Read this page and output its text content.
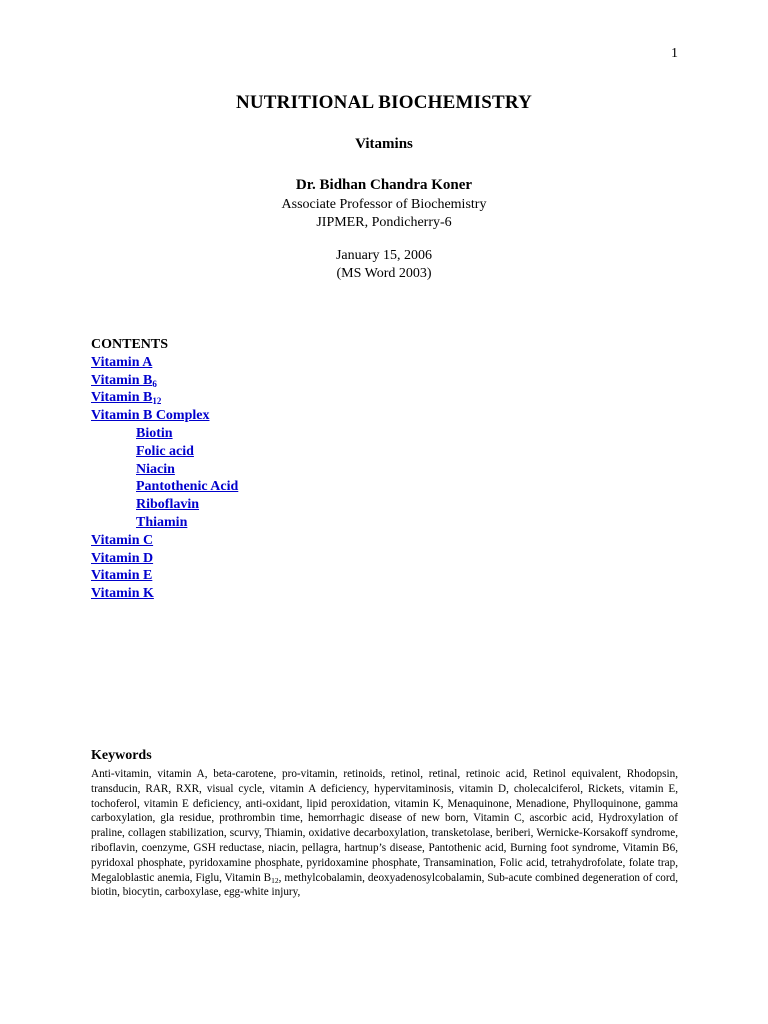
1
NUTRITIONAL BIOCHEMISTRY
Vitamins
Dr. Bidhan Chandra Koner
Associate Professor of Biochemistry
JIPMER, Pondicherry-6
January 15, 2006
(MS Word 2003)
CONTENTS
Vitamin A
Vitamin $B_6$
Vitamin $B_{12}$
Vitamin B Complex
Biotin
Folic acid
Niacin
Pantothenic Acid
Riboflavin
Thiamin
Vitamin C
Vitamin D
Vitamin E
Vitamin K
Keywords
Anti-vitamin, vitamin A, beta-carotene, pro-vitamin, retinoids, retinol, retinal, retinoic acid, Retinol equivalent, Rhodopsin, transducin, RAR, RXR, visual cycle, vitamin A deficiency, hypervitaminosis, vitamin D, cholecalciferol, Rickets, vitamin E, tochoferol, vitamin E deficiency, anti-oxidant, lipid peroxidation, vitamin K, Menaquinone, Menadione, Phylloquinone, gamma carboxylation, gla residue, prothrombin time, hemorrhagic disease of new born, Vitamin C, ascorbic acid, Hydroxylation of praline, collagen stabilization, scurvy, Thiamin, oxidative decarboxylation, transketolase, beriberi, Wernicke-Korsakoff syndrome, riboflavin, coenzyme, GSH reductase, niacin, pellagra, hartnup’s disease, Pantothenic acid, Burning foot syndrome, Vitamin B6, pyridoxal phosphate, pyridoxamine phosphate, pyridoxamine phosphate, Transamination, Folic acid, tetrahydrofolate, folate trap, Megaloblastic anemia, Figlu, Vitamin $B_{12}$, methylcobalamin, deoxyadenosylcobalamin, Sub-acute combined degeneration of cord, biotin, biocytin, carboxylase, egg-white injury,
